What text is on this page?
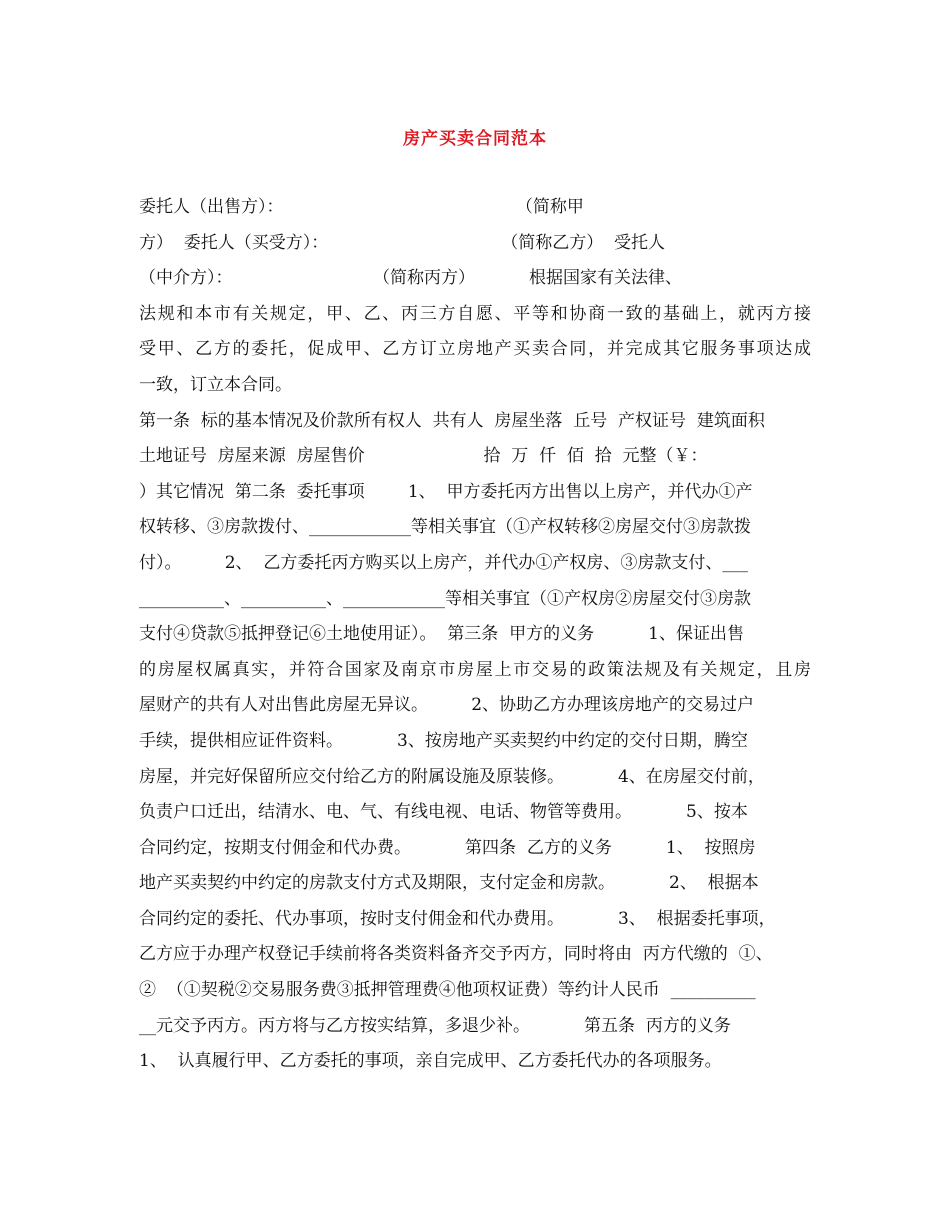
房产买卖合同范本
委托人（出售方）：                                           （简称甲
方）  委托人（买受方）：                                （简称乙方）  受托人
（中介方）：                          （简称丙方）          根据国家有关法律、
法规和本市有关规定，甲、乙、丙三方自愿、平等和协商一致的基础上，就丙方接
受甲、乙方的委托，促成甲、乙方订立房地产买卖合同，并完成其它服务事项达成
一致，订立本合同。
第一条  标的基本情况及价款所有权人  共有人  房屋坐落  丘号  产权证号  建筑面积
土地证号  房屋来源  房屋售价                      拾  万  仟  佰  拾  元整（￥：
）其它情况  第二条  委托事项        1、  甲方委托丙方出售以上房产，并代办①产
权转移、③房款拨付、____________等相关事宜（①产权转移②房屋交付③房款拨
付）。        2、  乙方委托丙方购买以上房产，并代办①产权房、③房款支付、___
__________、__________、____________等相关事宜（①产权房②房屋交付③房款
支付④贷款⑤抵押登记⑥土地使用证）。  第三条  甲方的义务          1、保证出售
的房屋权属真实，并符合国家及南京市房屋上市交易的政策法规及有关规定，且房
屋财产的共有人对出售此房屋无异议。        2、协助乙方办理该房地产的交易过户
手续，提供相应证件资料。          3、按房地产买卖契约中约定的交付日期，腾空
房屋，并完好保留所应交付给乙方的附属设施及原装修。          4、在房屋交付前，
负责户口迁出，结清水、电、气、有线电视、电话、物管等费用。          5、按本
合同约定，按期支付佣金和代办费。          第四条  乙方的义务          1、  按照房
地产买卖契约中约定的房款支付方式及期限，支付定金和房款。          2、  根据本
合同约定的委托、代办事项，按时支付佣金和代办费用。          3、  根据委托事项，
乙方应于办理产权登记手续前将各类资料备齐交予丙方，同时将由  丙方代缴的  ①、
②  （①契税②交易服务费③抵押管理费④他项权证费）等约计人民币  __________
__元交予丙方。丙方将与乙方按实结算，多退少补。          第五条  丙方的义务
1、  认真履行甲、乙方委托的事项，亲自完成甲、乙方委托代办的各项服务。
